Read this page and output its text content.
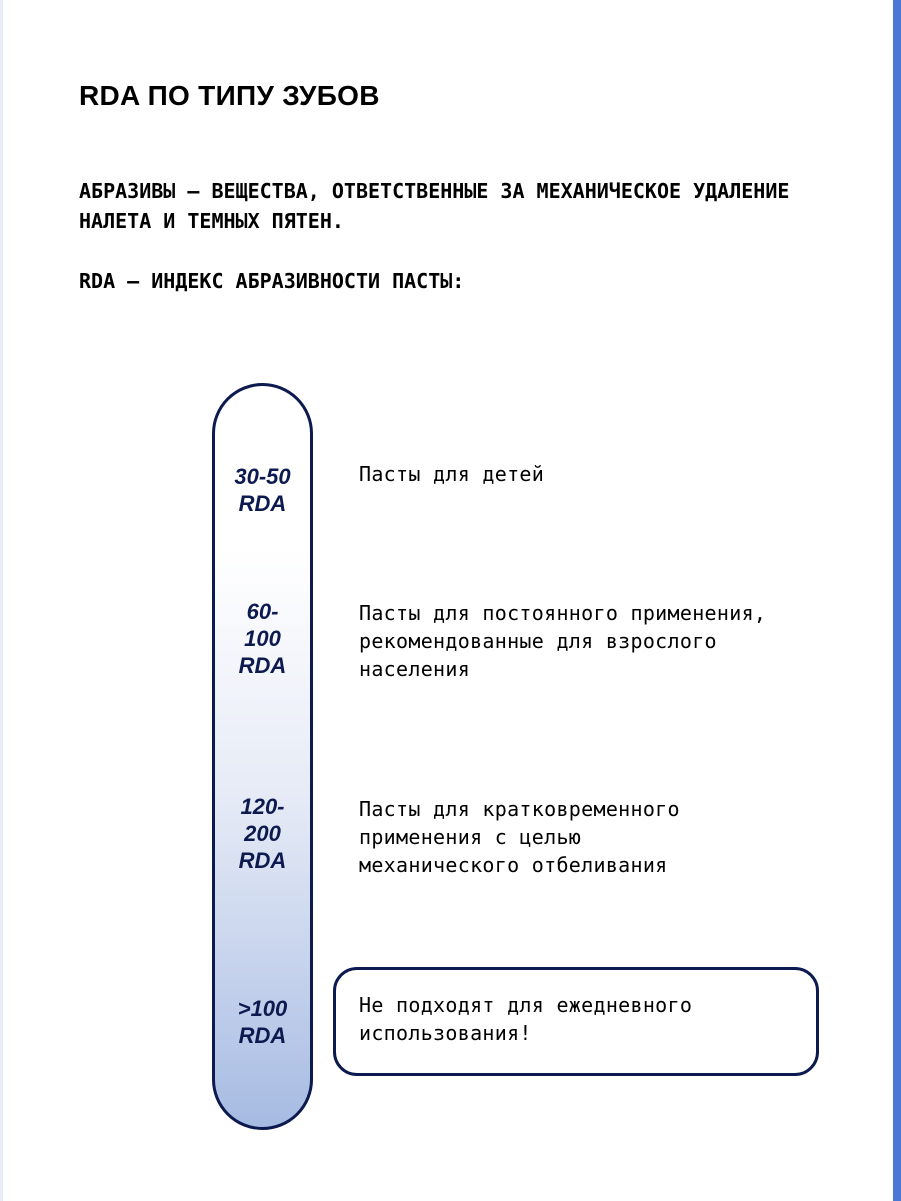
RDA ПО ТИПУ ЗУБОВ

АБРАЗИВЫ – ВЕЩЕСТВА, ОТВЕТСТВЕННЫЕ ЗА МЕХАНИЧЕСКОЕ УДАЛЕНИЕ НАЛЕТА И ТЕМНЫХ ПЯТЕН.

RDA – ИНДЕКС АБРАЗИВНОСТИ ПАСТЫ:

30-50
RDA
Пасты для детей
60-
100
RDA
Пасты для постоянного применения,
рекомендованные для взрослого
населения
120-
200
RDA
Пасты для кратковременного
применения с целью
механического отбеливания
>100
RDA
Не подходят для ежедневного
использования!
